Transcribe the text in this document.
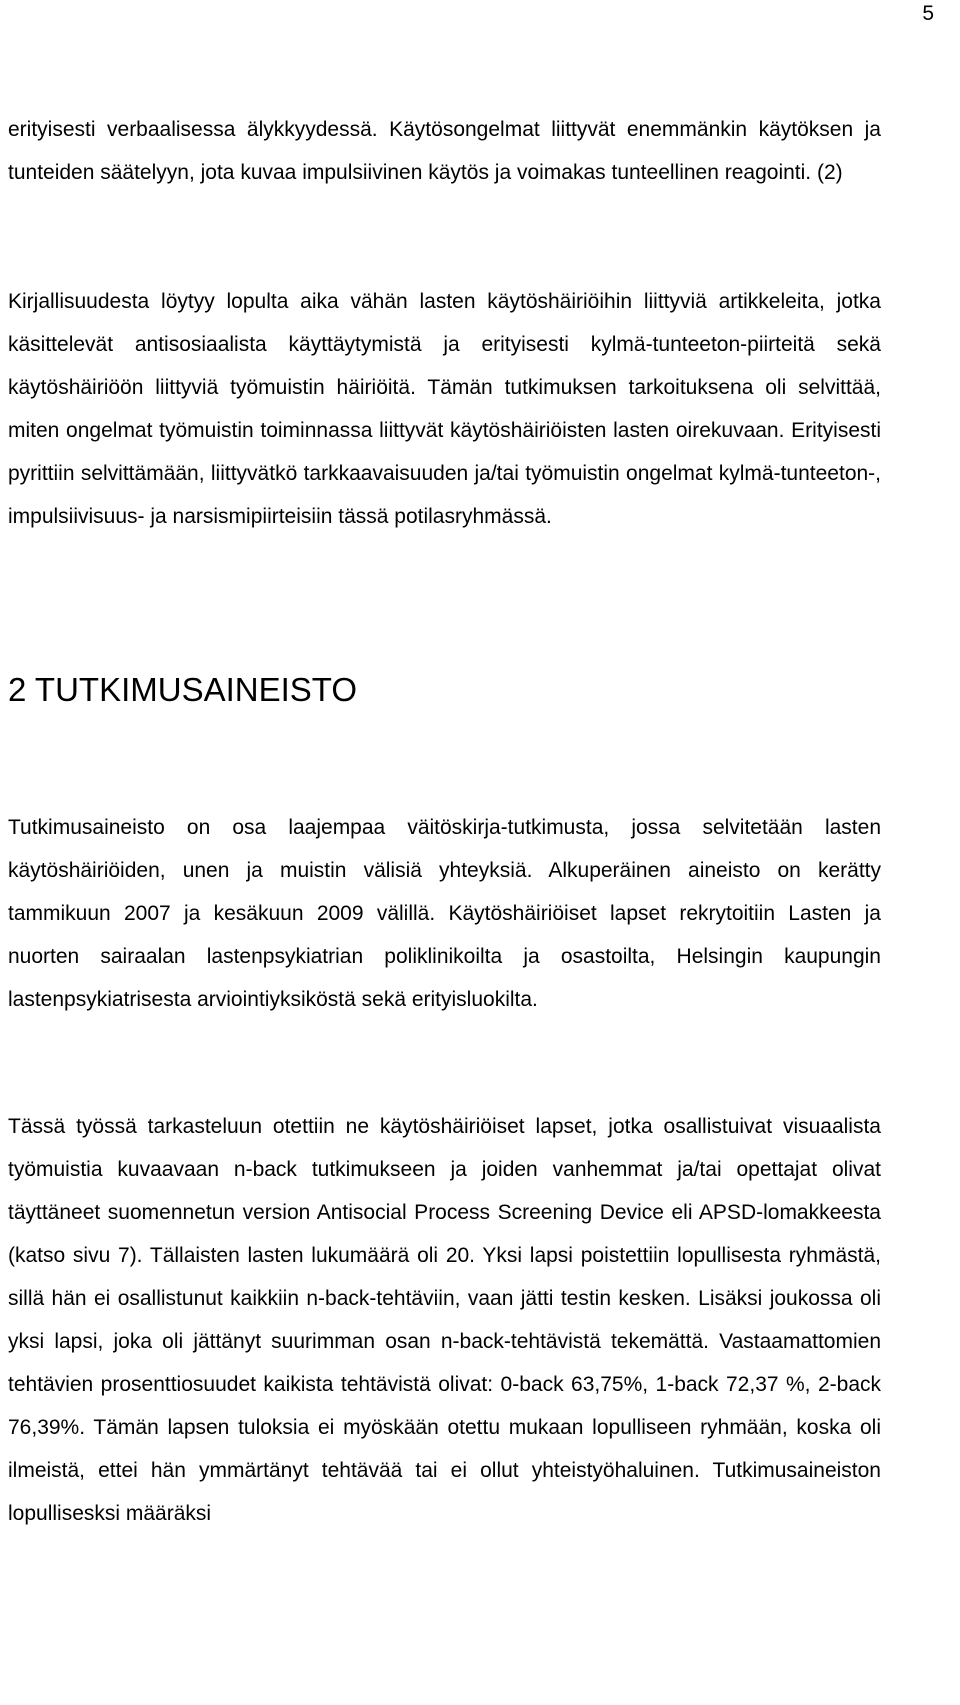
5

erityisesti verbaalisessa älykkyydessä. Käytösongelmat liittyvät enemmänkin käytöksen ja tunteiden säätelyyn, jota kuvaa impulsiivinen käytös ja voimakas tunteellinen reagointi. (2)

Kirjallisuudesta löytyy lopulta aika vähän lasten käytöshäiriöihin liittyviä artikkeleita, jotka käsittelevät antisosiaalista käyttäytymistä ja erityisesti kylmä-tunteeton-piirteitä sekä käytöshäiriöön liittyviä työmuistin häiriöitä. Tämän tutkimuksen tarkoituksena oli selvittää, miten ongelmat työmuistin toiminnassa liittyvät käytöshäiriöisten lasten oirekuvaan. Erityisesti pyrittiin selvittämään, liittyvätkö tarkkaavaisuuden ja/tai työmuistin ongelmat kylmä-tunteeton-, impulsiivisuus- ja narsismipiirteisiin tässä potilasryhmässä.

2 TUTKIMUSAINEISTO

Tutkimusaineisto on osa laajempaa väitöskirja-tutkimusta, jossa selvitetään lasten käytöshäiriöiden, unen ja muistin välisiä yhteyksiä. Alkuperäinen aineisto on kerätty tammikuun 2007 ja kesäkuun 2009 välillä. Käytöshäiriöiset lapset rekrytoitiin Lasten ja nuorten sairaalan lastenpsykiatrian poliklinikoilta ja osastoilta, Helsingin kaupungin lastenpsykiatrisesta arviointiyksiköstä sekä erityisluokilta.

Tässä työssä tarkasteluun otettiin ne käytöshäiriöiset lapset, jotka osallistuivat visuaalista työmuistia kuvaavaan n-back tutkimukseen ja joiden vanhemmat ja/tai opettajat olivat täyttäneet suomennetun version Antisocial Process Screening Device eli APSD-lomakkeesta (katso sivu 7). Tällaisten lasten lukumäärä oli 20. Yksi lapsi poistettiin lopullisesta ryhmästä, sillä hän ei osallistunut kaikkiin n-back-tehtäviin, vaan jätti testin kesken. Lisäksi joukossa oli yksi lapsi, joka oli jättänyt suurimman osan n-back-tehtävistä tekemättä. Vastaamattomien tehtävien prosenttiosuudet kaikista tehtävistä olivat: 0-back 63,75%, 1-back 72,37 %, 2-back 76,39%. Tämän lapsen tuloksia ei myöskään otettu mukaan lopulliseen ryhmään, koska oli ilmeistä, ettei hän ymmärtänyt tehtävää tai ei ollut yhteistyöhaluinen. Tutkimusaineiston lopullisesksi määräksi
